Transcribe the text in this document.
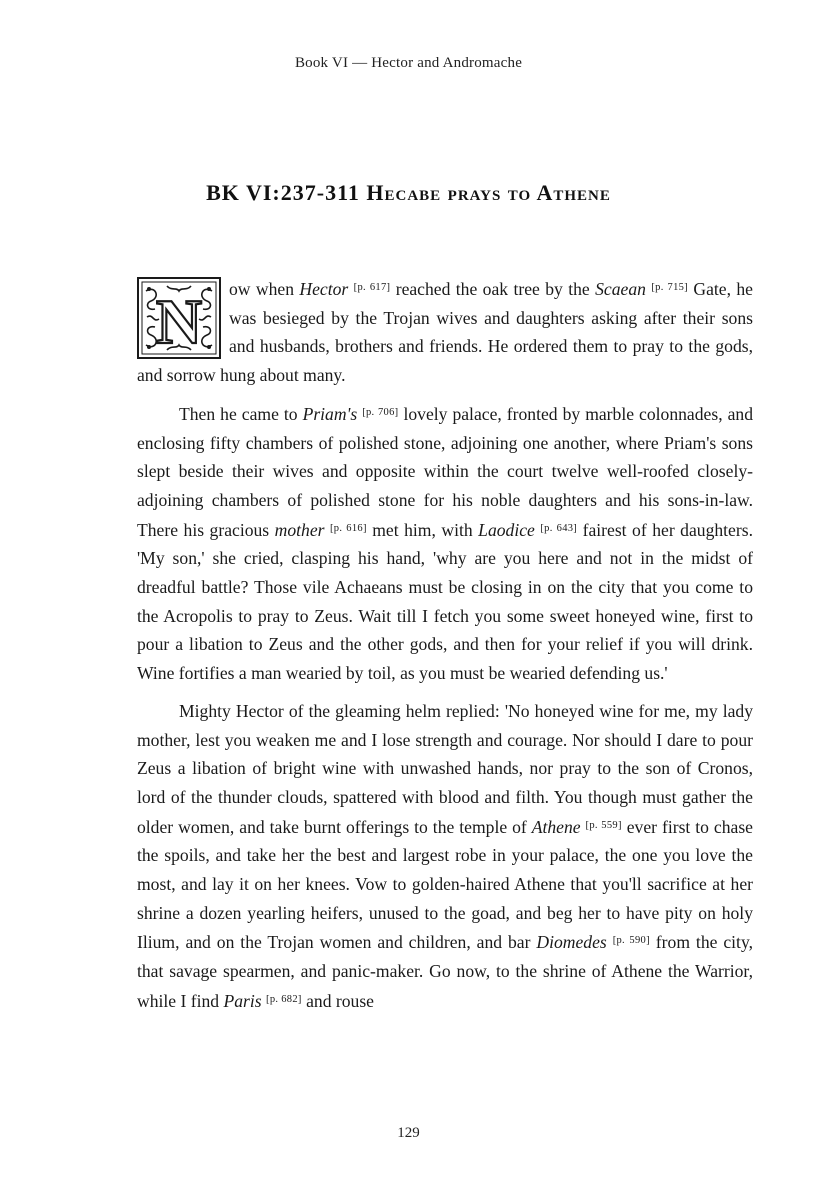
Book VI — Hector and Andromache
BK VI:237-311 Hecabe prays to Athene

N ow when Hector [p. 617] reached the oak tree by the Scaean [p. 715] Gate, he was besieged by the Trojan wives and daughters asking after their sons and husbands, brothers and friends. He ordered them to pray to the gods, and sorrow hung about many.

Then he came to Priam's [p. 706] lovely palace, fronted by marble colonnades, and enclosing fifty chambers of polished stone, adjoining one another, where Priam's sons slept beside their wives and opposite within the court twelve well-roofed closely-adjoining chambers of polished stone for his noble daughters and his sons-in-law. There his gracious mother [p. 616] met him, with Laodice [p. 643] fairest of her daughters. 'My son,' she cried, clasping his hand, 'why are you here and not in the midst of dreadful battle? Those vile Achaeans must be closing in on the city that you come to the Acropolis to pray to Zeus. Wait till I fetch you some sweet honeyed wine, first to pour a libation to Zeus and the other gods, and then for your relief if you will drink. Wine fortifies a man wearied by toil, as you must be wearied defending us.'

Mighty Hector of the gleaming helm replied: 'No honeyed wine for me, my lady mother, lest you weaken me and I lose strength and courage. Nor should I dare to pour Zeus a libation of bright wine with unwashed hands, nor pray to the son of Cronos, lord of the thunder clouds, spattered with blood and filth. You though must gather the older women, and take burnt offerings to the temple of Athene [p. 559] ever first to chase the spoils, and take her the best and largest robe in your palace, the one you love the most, and lay it on her knees. Vow to golden-haired Athene that you'll sacrifice at her shrine a dozen yearling heifers, unused to the goad, and beg her to have pity on holy Ilium, and on the Trojan women and children, and bar Diomedes [p. 590] from the city, that savage spearmen, and panic-maker. Go now, to the shrine of Athene the Warrior, while I find Paris [p. 682] and rouse

129
